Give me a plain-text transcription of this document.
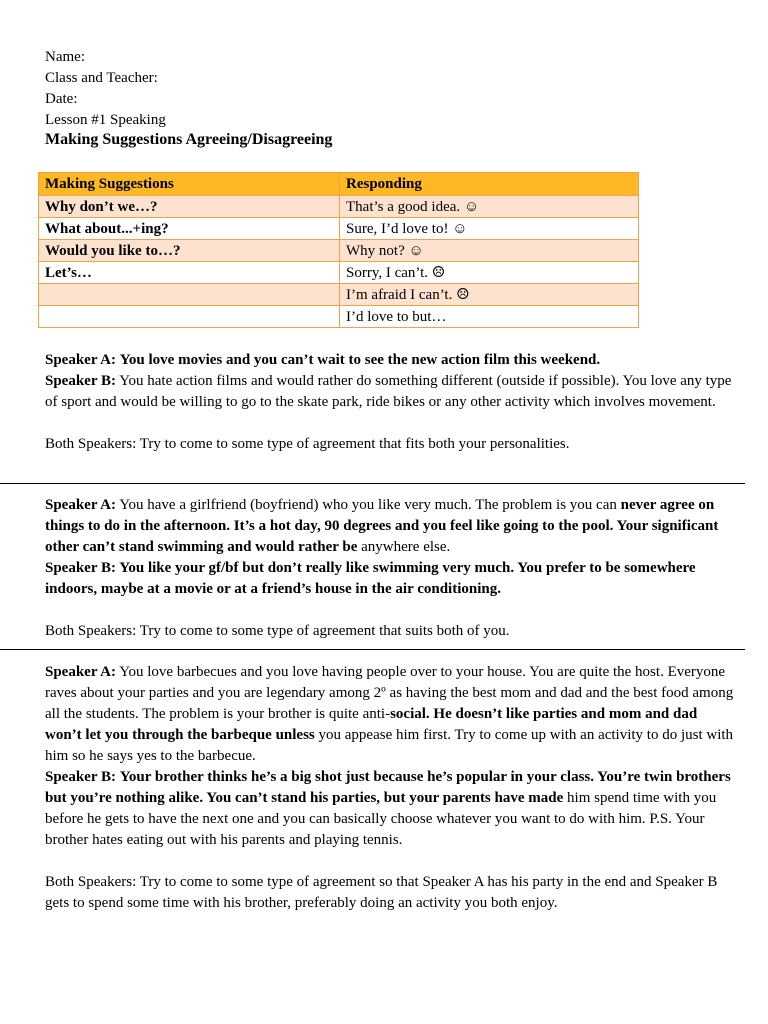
Name:
Class and Teacher:
Date:
Lesson #1 Speaking
Making Suggestions Agreeing/Disagreeing
Making Suggestions	Responding
Why don’t we…?	That’s a good idea. ☺
What about...+ing?	Sure, I’d love to! ☺
Would you like to…?	Why not? ☺
Let’s…	Sorry, I can’t. ☹
	I’m afraid I can’t. ☹
	I’d love to but…

Speaker A: You love movies and you can’t wait to see the new action film this weekend.

Speaker B: You hate action films and would rather do something different (outside if possible). You love any type of sport and would be willing to go to the skate park, ride bikes or any other activity which involves movement.

Both Speakers: Try to come to some type of agreement that fits both your personalities.

Speaker A: You have a girlfriend (boyfriend) who you like very much. The problem is you can never agree on things to do in the afternoon. It’s a hot day, 90 degrees and you feel like going to the pool. Your significant other can’t stand swimming and would rather be anywhere else.

Speaker B: You like your gf/bf but don’t really like swimming very much. You prefer to be somewhere indoors, maybe at a movie or at a friend’s house in the air conditioning.

Both Speakers: Try to come to some type of agreement that suits both of you.

Speaker A: You love barbecues and you love having people over to your house. You are quite the host. Everyone raves about your parties and you are legendary among 2º as having the best mom and dad and the best food among all the students. The problem is your brother is quite anti-social. He doesn’t like parties and mom and dad won’t let you through the barbeque unless you appease him first. Try to come up with an activity to do just with him so he says yes to the barbecue.

Speaker B: Your brother thinks he’s a big shot just because he’s popular in your class. You’re twin brothers but you’re nothing alike. You can’t stand his parties, but your parents have made him spend time with you before he gets to have the next one and you can basically choose whatever you want to do with him. P.S. Your brother hates eating out with his parents and playing tennis.

Both Speakers: Try to come to some type of agreement so that Speaker A has his party in the end and Speaker B gets to spend some time with his brother, preferably doing an activity you both enjoy.
